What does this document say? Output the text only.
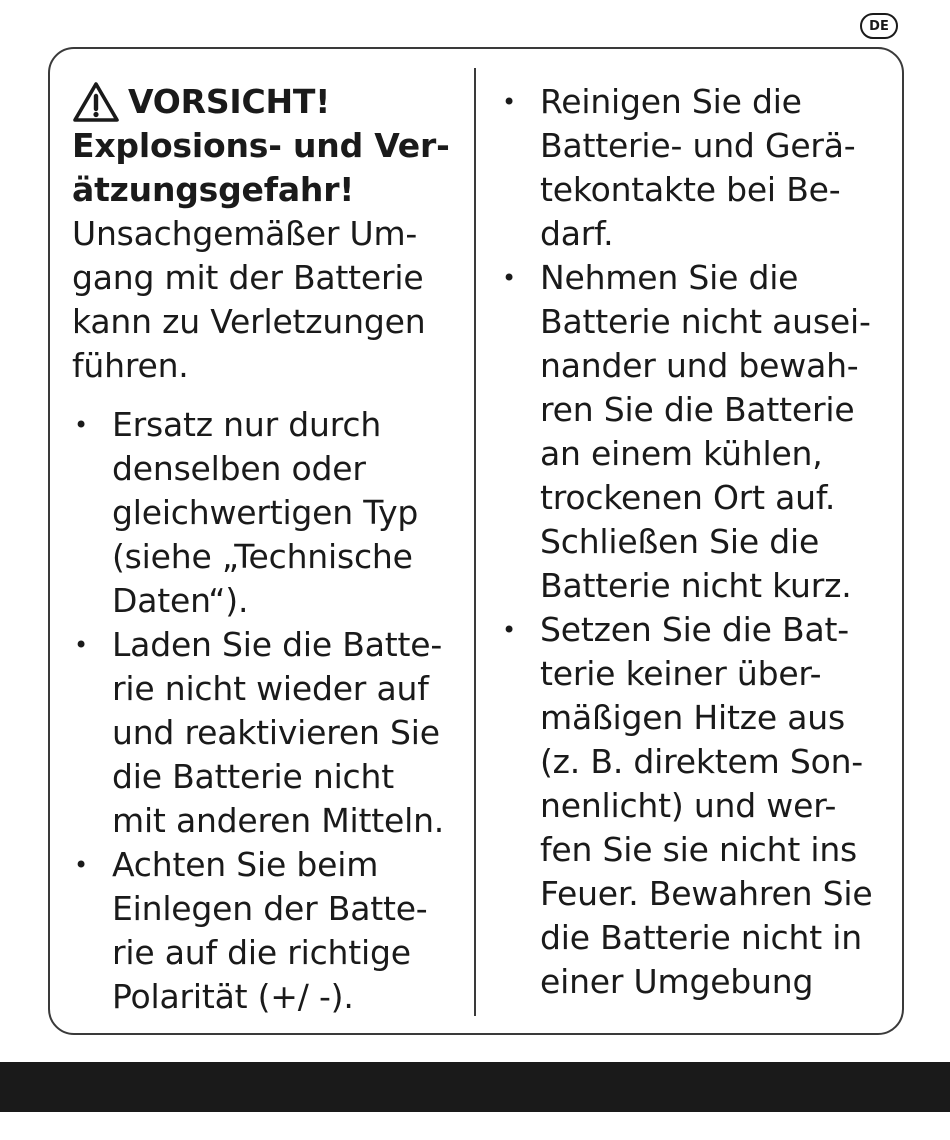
DE
VORSICHT!
Explosions- und Ver-
ätzungsgefahr!
Unsachgemäßer Um-
gang mit der Batterie
kann zu Verletzungen
führen.
• Ersatz nur durch
denselben oder
gleichwertigen Typ
(siehe „Technische
Daten“).
• Laden Sie die Batte-
rie nicht wieder auf
und reaktivieren Sie
die Batterie nicht
mit anderen Mitteln.
• Achten Sie beim
Einlegen der Batte-
rie auf die richtige
Polarität (+/ -).
• Reinigen Sie die
Batterie- und Gerä-
tekontakte bei Be-
darf.
• Nehmen Sie die
Batterie nicht ausei-
nander und bewah-
ren Sie die Batterie
an einem kühlen,
trockenen Ort auf.
Schließen Sie die
Batterie nicht kurz.
• Setzen Sie die Bat-
terie keiner über-
mäßigen Hitze aus
(z. B. direktem Son-
nenlicht) und wer-
fen Sie sie nicht ins
Feuer. Bewahren Sie
die Batterie nicht in
einer Umgebung
